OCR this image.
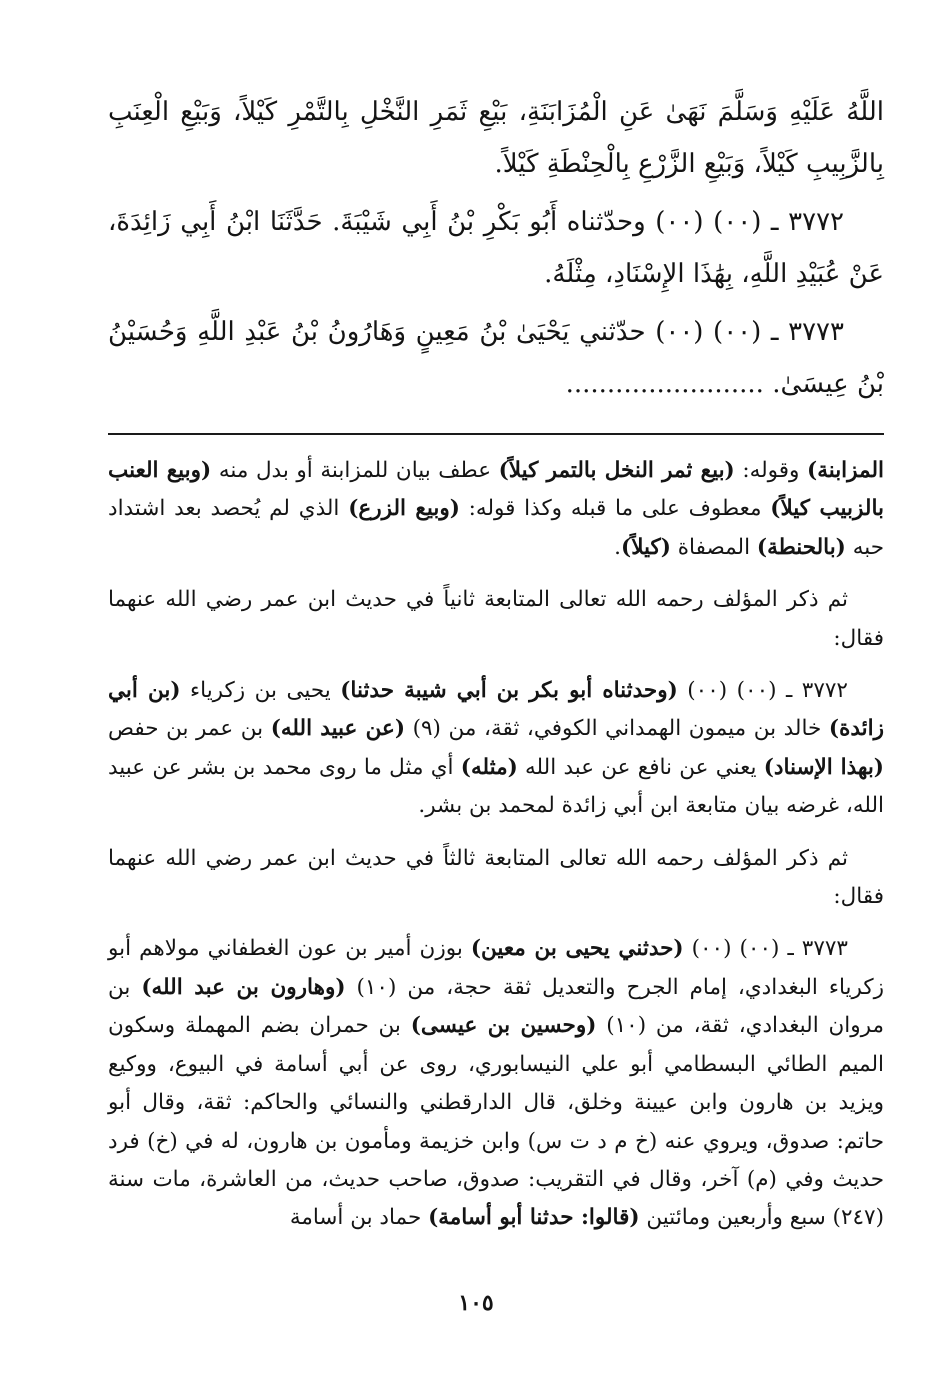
اللَّهُ عَلَيْهِ وَسَلَّمَ نَهَىٰ عَنِ الْمُزَابَنَةِ، بَيْعِ ثَمَرِ النَّخْلِ بِالتَّمْرِ كَيْلاً، وَبَيْعِ الْعِنَبِ بِالزَّبِيبِ كَيْلاً، وَبَيْعِ الزَّرْعِ بِالْحِنْطَةِ كَيْلاً.

٣٧٧٢ ـ (٠٠) (٠٠) وحدّثناه أَبُو بَكْرِ بْنُ أَبِي شَيْبَةَ. حَدَّثَنَا ابْنُ أَبِي زَائِدَةَ، عَنْ عُبَيْدِ اللَّهِ، بِهَٰذَا الإِسْنَادِ، مِثْلَهُ.

٣٧٧٣ ـ (٠٠) (٠٠) حدّثني يَحْيَىٰ بْنُ مَعِينٍ وَهَارُونُ بْنُ عَبْدِ اللَّهِ وَحُسَيْنُ بْنُ عِيسَىٰ. ........................

المزابنة) وقوله: (بيع ثمر النخل بالتمر كيلاً) عطف بيان للمزابنة أو بدل منه (وبيع العنب بالزبيب كيلاً) معطوف على ما قبله وكذا قوله: (وبيع الزرع) الذي لم يُحصد بعد اشتداد حبه (بالحنطة) المصفاة (كيلاً).

ثم ذكر المؤلف رحمه الله تعالى المتابعة ثانياً في حديث ابن عمر رضي الله عنهما فقال:

٣٧٧٢ ـ (٠٠) (٠٠) (وحدثناه أبو بكر بن أبي شيبة حدثنا) يحيى بن زكرياء (بن أبي زائدة) خالد بن ميمون الهمداني الكوفي، ثقة، من (٩) (عن عبيد الله) بن عمر بن حفص (بهذا الإسناد) يعني عن نافع عن عبد الله (مثله) أي مثل ما روى محمد بن بشر عن عبيد الله، غرضه بيان متابعة ابن أبي زائدة لمحمد بن بشر.

ثم ذكر المؤلف رحمه الله تعالى المتابعة ثالثاً في حديث ابن عمر رضي الله عنهما فقال:

٣٧٧٣ ـ (٠٠) (٠٠) (حدثني يحيى بن معين) بوزن أمير بن عون الغطفاني مولاهم أبو زكرياء البغدادي، إمام الجرح والتعديل ثقة حجة، من (١٠) (وهارون بن عبد الله) بن مروان البغدادي، ثقة، من (١٠) (وحسين بن عيسى) بن حمران بضم المهملة وسكون الميم الطائي البسطامي أبو علي النيسابوري، روى عن أبي أسامة في البيوع، ووكيع ويزيد بن هارون وابن عيينة وخلق، قال الدارقطني والنسائي والحاكم: ثقة، وقال أبو حاتم: صدوق، ويروي عنه (خ م د ت س) وابن خزيمة ومأمون بن هارون، له في (خ) فرد حديث وفي (م) آخر، وقال في التقريب: صدوق، صاحب حديث، من العاشرة، مات سنة (٢٤٧) سبع وأربعين ومائتين (قالوا: حدثنا أبو أسامة) حماد بن أسامة

١٠٥
